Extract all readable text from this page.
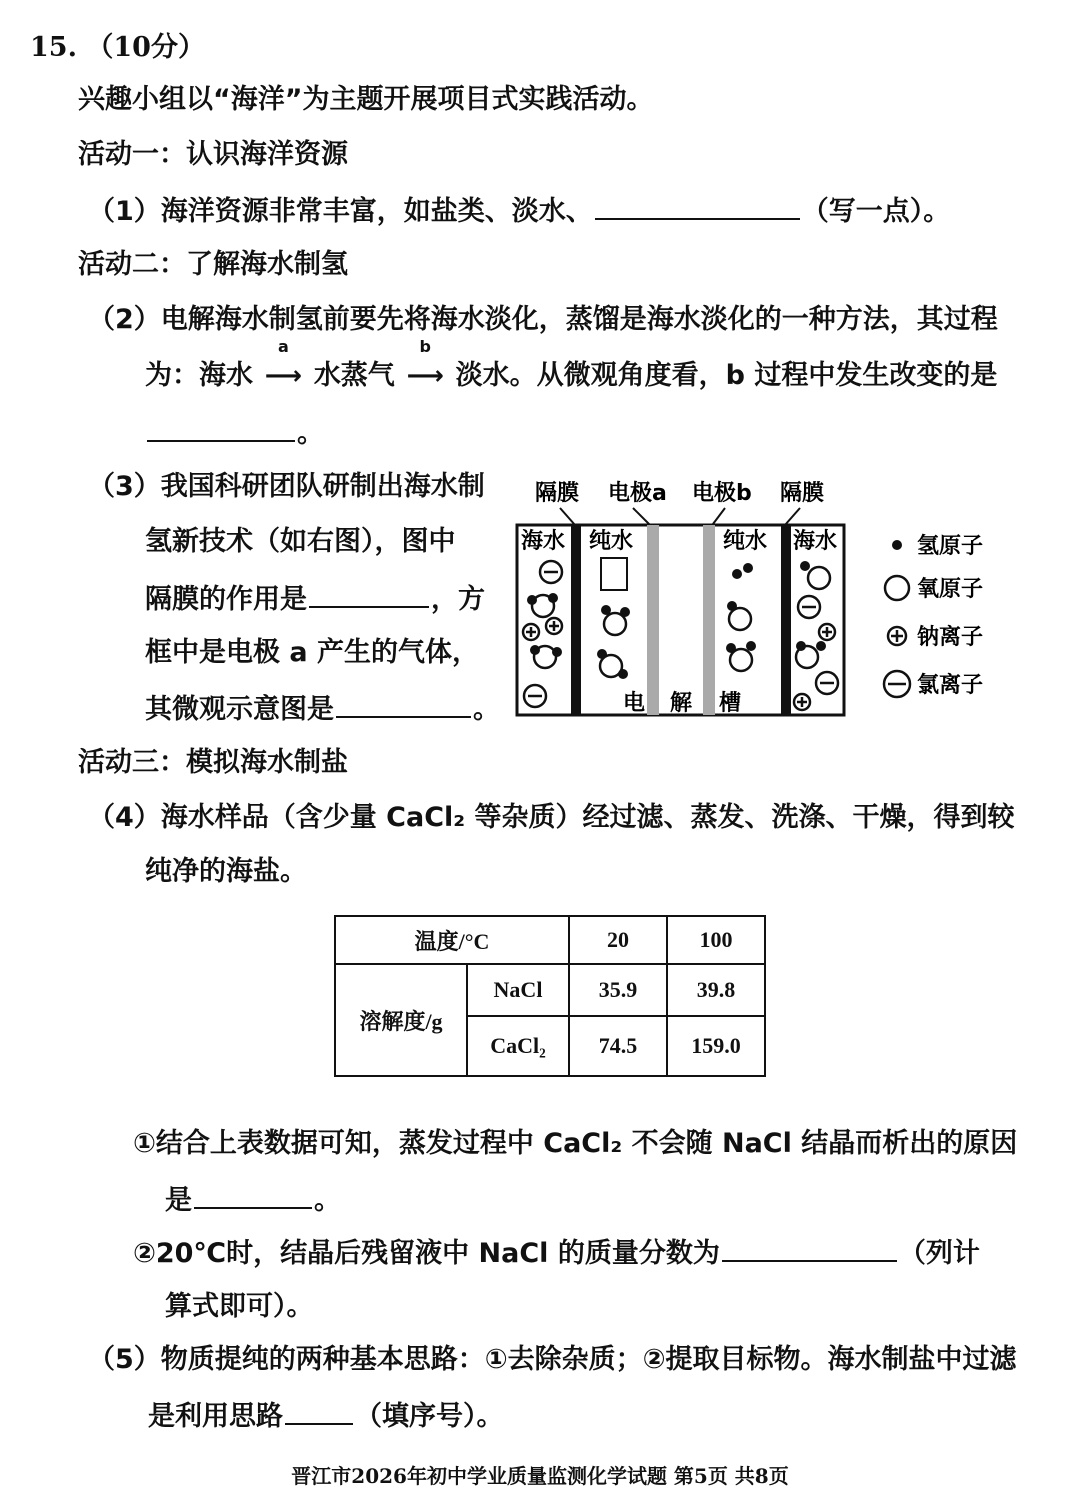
15. （10分）
兴趣小组以“海洋”为主题开展项目式实践活动。
活动一：认识海洋资源
（1）海洋资源非常丰富，如盐类、淡水、	（写一点）。
活动二：了解海水制氢
（2）电解海水制氢前要先将海水淡化，蒸馏是海水淡化的一种方法，其过程
为：海水
a
⟶ 水蒸气
b
⟶ 淡水。从微观角度看，b 过程中发生改变的是
。
（3）我国科研团队研制出海水制
氢新技术（如右图），图中
隔膜的作用是	，方
框中是电极 a 产生的气体，
其微观示意图是	。
隔膜 电极a 电极b 隔膜
海水 纯水	纯水 海水
电 解 槽
氢原子
氧原子
钠离子
氯离子
活动三：模拟海水制盐
（4）海水样品（含少量 CaCl₂ 等杂质）经过滤、蒸发、洗涤、干燥，得到较
纯净的海盐。
温度/°C		20	100
溶解度/g	NaCl	35.9	39.8
	CaCl₂	74.5	159.0
①结合上表数据可知，蒸发过程中 CaCl₂ 不会随 NaCl 结晶而析出的原因
是	。
②20℃时，结晶后残留液中 NaCl 的质量分数为	（列计
算式即可）。
（5）物质提纯的两种基本思路：①去除杂质；②提取目标物。海水制盐中过滤
是利用思路	（填序号）。
晋江市2026年初中学业质量监测化学试题 第5页 共8页
